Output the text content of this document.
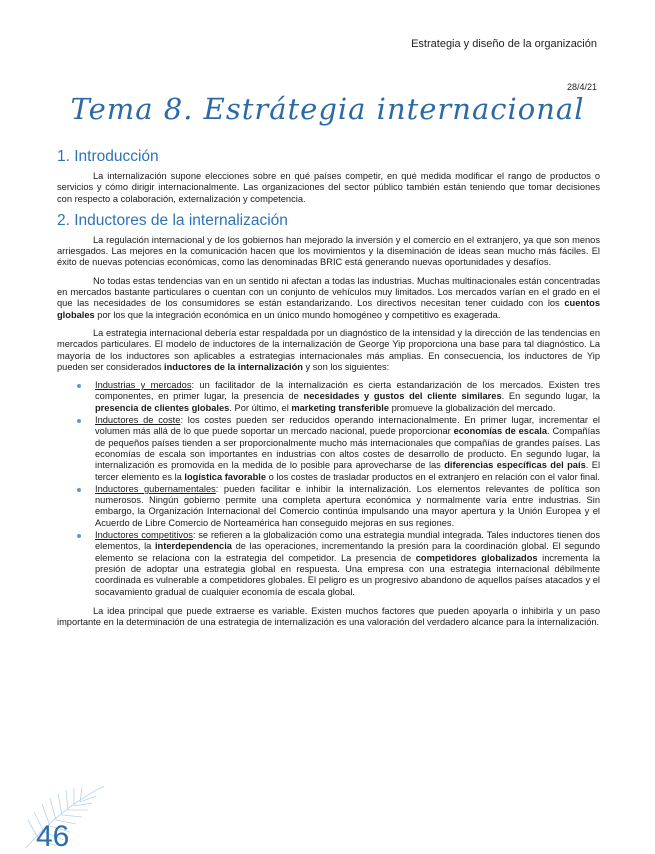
Estrategia y diseño de la organización
28/4/21
Tema 8. Estrátegia internacional
1. Introducción

La internalización supone elecciones sobre en qué países competir, en qué medida modificar el rango de productos o servicios y cómo dirigir internacionalmente. Las organizaciones del sector público también están teniendo que tomar decisiones con respecto a colaboración, externalización y competencia.

2. Inductores de la internalización

La regulación internacional y de los gobiernos han mejorado la inversión y el comercio en el extranjero, ya que son menos arriesgados. Las mejores en la comunicación hacen que los movimientos y la diseminación de ideas sean mucho más fáciles. El éxito de nuevas potencias económicas, como las denominadas BRIC está generando nuevas oportunidades y desafíos.

No todas estas tendencias van en un sentido ni afectan a todas las industrias. Muchas multinacionales están concentradas en mercados bastante particulares o cuentan con un conjunto de vehículos muy limitados. Los mercados varían en el grado en el que las necesidades de los consumidores se están estandarizando. Los directivos necesitan tener cuidado con los cuentos globales por los que la integración económica en un único mundo homogéneo y competitivo es exagerada.

La estrategia internacional debería estar respaldada por un diagnóstico de la intensidad y la dirección de las tendencias en mercados particulares. El modelo de inductores de la internalización de George Yip proporciona una base para tal diagnóstico. La mayoría de los inductores son aplicables a estrategias internacionales más amplias. En consecuencia, los inductores de Yip pueden ser considerados inductores de la internalización y son los siguientes:

Industrias y mercados: un facilitador de la internalización es cierta estandarización de los mercados. Existen tres componentes, en primer lugar, la presencia de necesidades y gustos del cliente similares. En segundo lugar, la presencia de clientes globales. Por último, el marketing transferible promueve la globalización del mercado.
Inductores de coste: los costes pueden ser reducidos operando internacionalmente. En primer lugar, incrementar el volumen más allá de lo que puede soportar un mercado nacional, puede proporcionar economías de escala. Compañías de pequeños países tienden a ser proporcionalmente mucho más internacionales que compañías de grandes países. Las economías de escala son importantes en industrias con altos costes de desarrollo de producto. En segundo lugar, la internalización es promovida en la medida de lo posible para aprovecharse de las diferencias específicas del país. El tercer elemento es la logística favorable o los costes de trasladar productos en el extranjero en relación con el valor final.
Inductores gubernamentales: pueden facilitar e inhibir la internalización. Los elementos relevantes de política son numerosos. Ningún gobierno permite una completa apertura económica y normalmente varía entre industrias. Sin embargo, la Organización Internacional del Comercio continúa impulsando una mayor apertura y la Unión Europea y el Acuerdo de Libre Comercio de Norteamérica han conseguido mejoras en sus regiones.
Inductores competitivos: se refieren a la globalización como una estrategia mundial integrada. Tales inductores tienen dos elementos, la interdependencia de las operaciones, incrementando la presión para la coordinación global. El segundo elemento se relaciona con la estrategia del competidor. La presencia de competidores globalizados incrementa la presión de adoptar una estrategia global en respuesta. Una empresa con una estrategia internacional débilmente coordinada es vulnerable a competidores globales. El peligro es un progresivo abandono de aquellos países atacados y el socavamiento gradual de cualquier economía de escala global.

La idea principal que puede extraerse es variable. Existen muchos factores que pueden apoyarla o inhibirla y un paso importante en la determinación de una estrategia de internalización es una valoración del verdadero alcance para la internalización.

46
